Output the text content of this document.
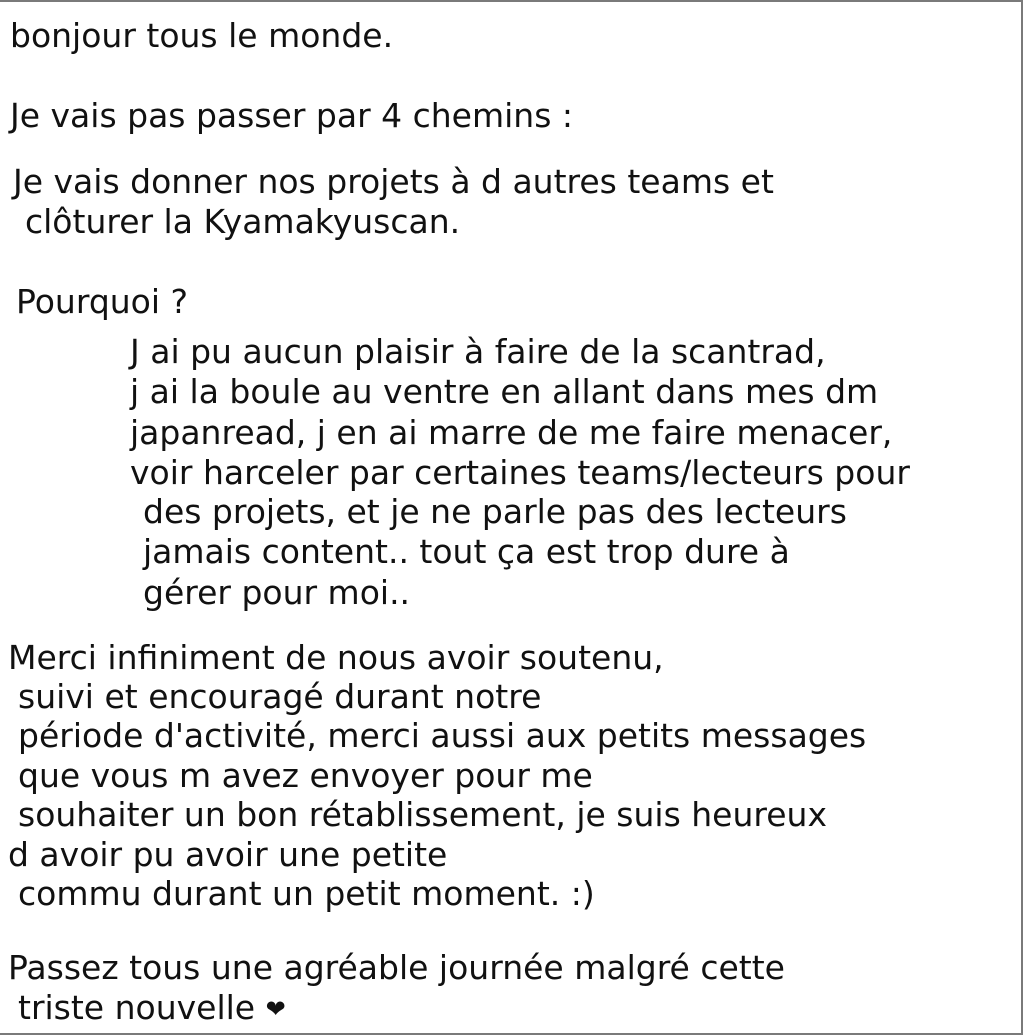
bonjour tous le monde.
Je vais pas passer par 4 chemins :
Je vais donner nos projets à d autres teams et
clôturer la Kyamakyuscan.
Pourquoi ?
J ai pu aucun plaisir à faire de la scantrad,
j ai la boule au ventre en allant dans mes dm
japanread, j en ai marre de me faire menacer,
voir harceler par certaines teams/lecteurs pour
des projets, et je ne parle pas des lecteurs
jamais content.. tout ça est trop dure à
gérer pour moi..
Merci infiniment de nous avoir soutenu,
suivi et encouragé durant notre
période d'activité, merci aussi aux petits messages
que vous m avez envoyer pour me
souhaiter un bon rétablissement, je suis heureux
d avoir pu avoir une petite
commu durant un petit moment. :)
Passez tous une agréable journée malgré cette
triste nouvelle ❤
